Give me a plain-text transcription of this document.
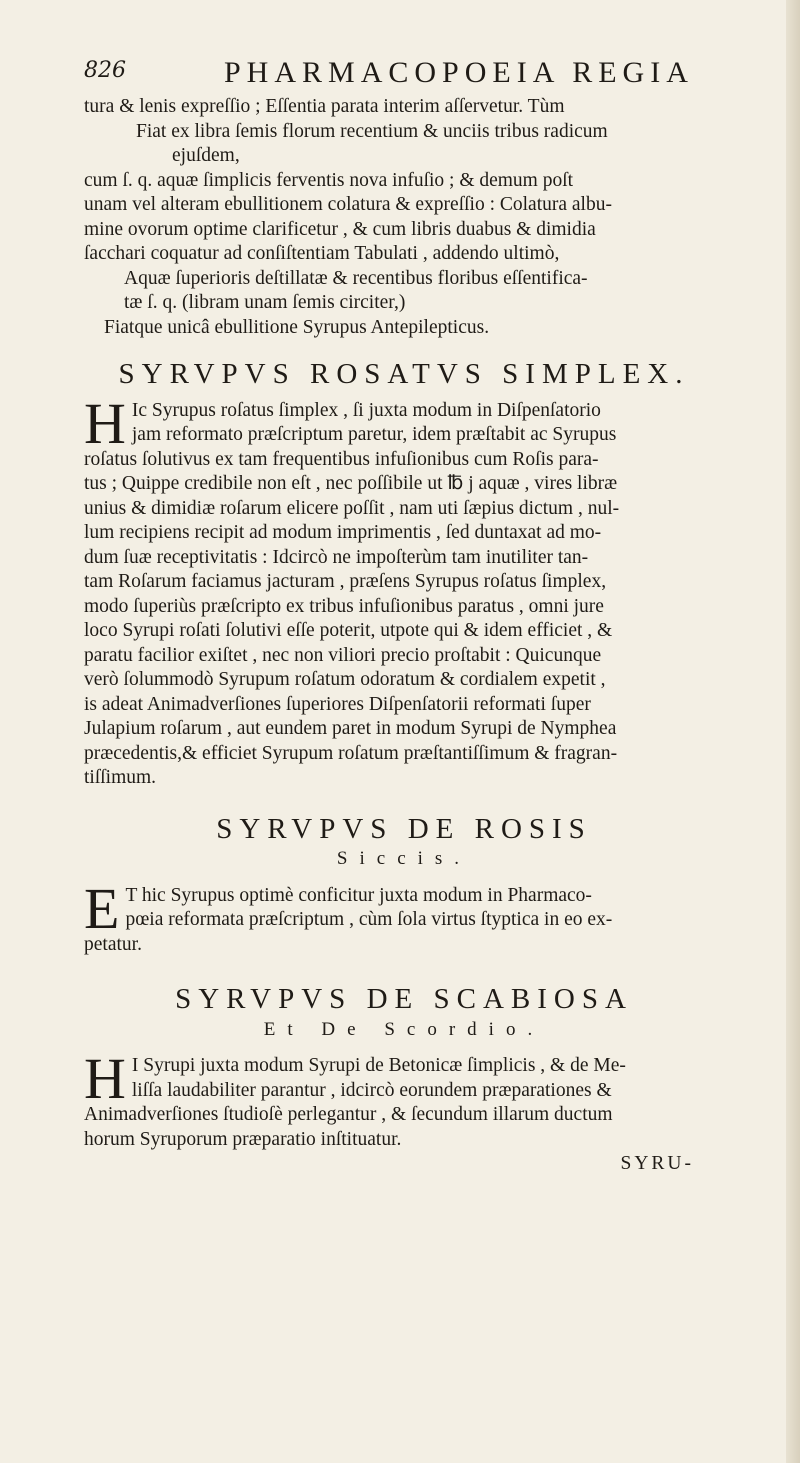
826	PHARMACOPOEIA REGIA
tura & lenis expreſſio ; Eſſentia parata interim aſſervetur. Tùm
Fiat ex libra ſemis florum recentium & unciis tribus radicum
ejuſdem,
cum ſ. q. aquæ ſimplicis ferventis nova infuſio ; & demum poſt
unam vel alteram ebullitionem colatura & expreſſio : Colatura albu-
mine ovorum optime clarificetur , & cum libris duabus & dimidia
ſacchari coquatur ad conſiſtentiam Tabulati , addendo ultimò,
Aquæ ſuperioris deſtillatæ & recentibus floribus eſſentifica-
tæ ſ. q. (libram unam ſemis circiter,)
Fiatque unicâ ebullitione Syrupus Antepilepticus.
SYRVPVS ROSATVS SIMPLEX.
H Ic Syrupus roſatus ſimplex , ſi juxta modum in Diſpenſatorio
jam reformato præſcriptum paretur, idem præſtabit ac Syrupus
roſatus ſolutivus ex tam frequentibus infuſionibus cum Roſis para-
tus ; Quippe credibile non eſt , nec poſſibile ut ℔ j aquæ , vires libræ
unius & dimidiæ roſarum elicere poſſit , nam uti ſæpius dictum , nul-
lum recipiens recipit ad modum imprimentis , ſed duntaxat ad mo-
dum ſuæ receptivitatis : Idcircò ne impoſterùm tam inutiliter tan-
tam Roſarum faciamus jacturam , præſens Syrupus roſatus ſimplex,
modo ſuperiùs præſcripto ex tribus infuſionibus paratus , omni jure
loco Syrupi roſati ſolutivi eſſe poterit, utpote qui & idem efficiet , &
paratu facilior exiſtet , nec non viliori precio proſtabit : Quicunque
verò ſolummodò Syrupum roſatum odoratum & cordialem expetit ,
is adeat Animadverſiones ſuperiores Diſpenſatorii reformati ſuper
Julapium roſarum , aut eundem paret in modum Syrupi de Nymphea
præcedentis,& efficiet Syrupum roſatum præſtantiſſimum & fragran-
tiſſimum.
SYRVPVS DE ROSIS
Siccis.
E T hic Syrupus optimè conficitur juxta modum in Pharmaco-
pœia reformata præſcriptum , cùm ſola virtus ſtyptica in eo ex-
petatur.
SYRVPVS DE SCABIOSA
Et De Scordio.
H I Syrupi juxta modum Syrupi de Betonicæ ſimplicis , & de Me-
liſſa laudabiliter parantur , idcircò eorundem præparationes &
Animadverſiones ſtudioſè perlegantur , & ſecundum illarum ductum
horum Syruporum præparatio inſtituatur.
SYRU-
